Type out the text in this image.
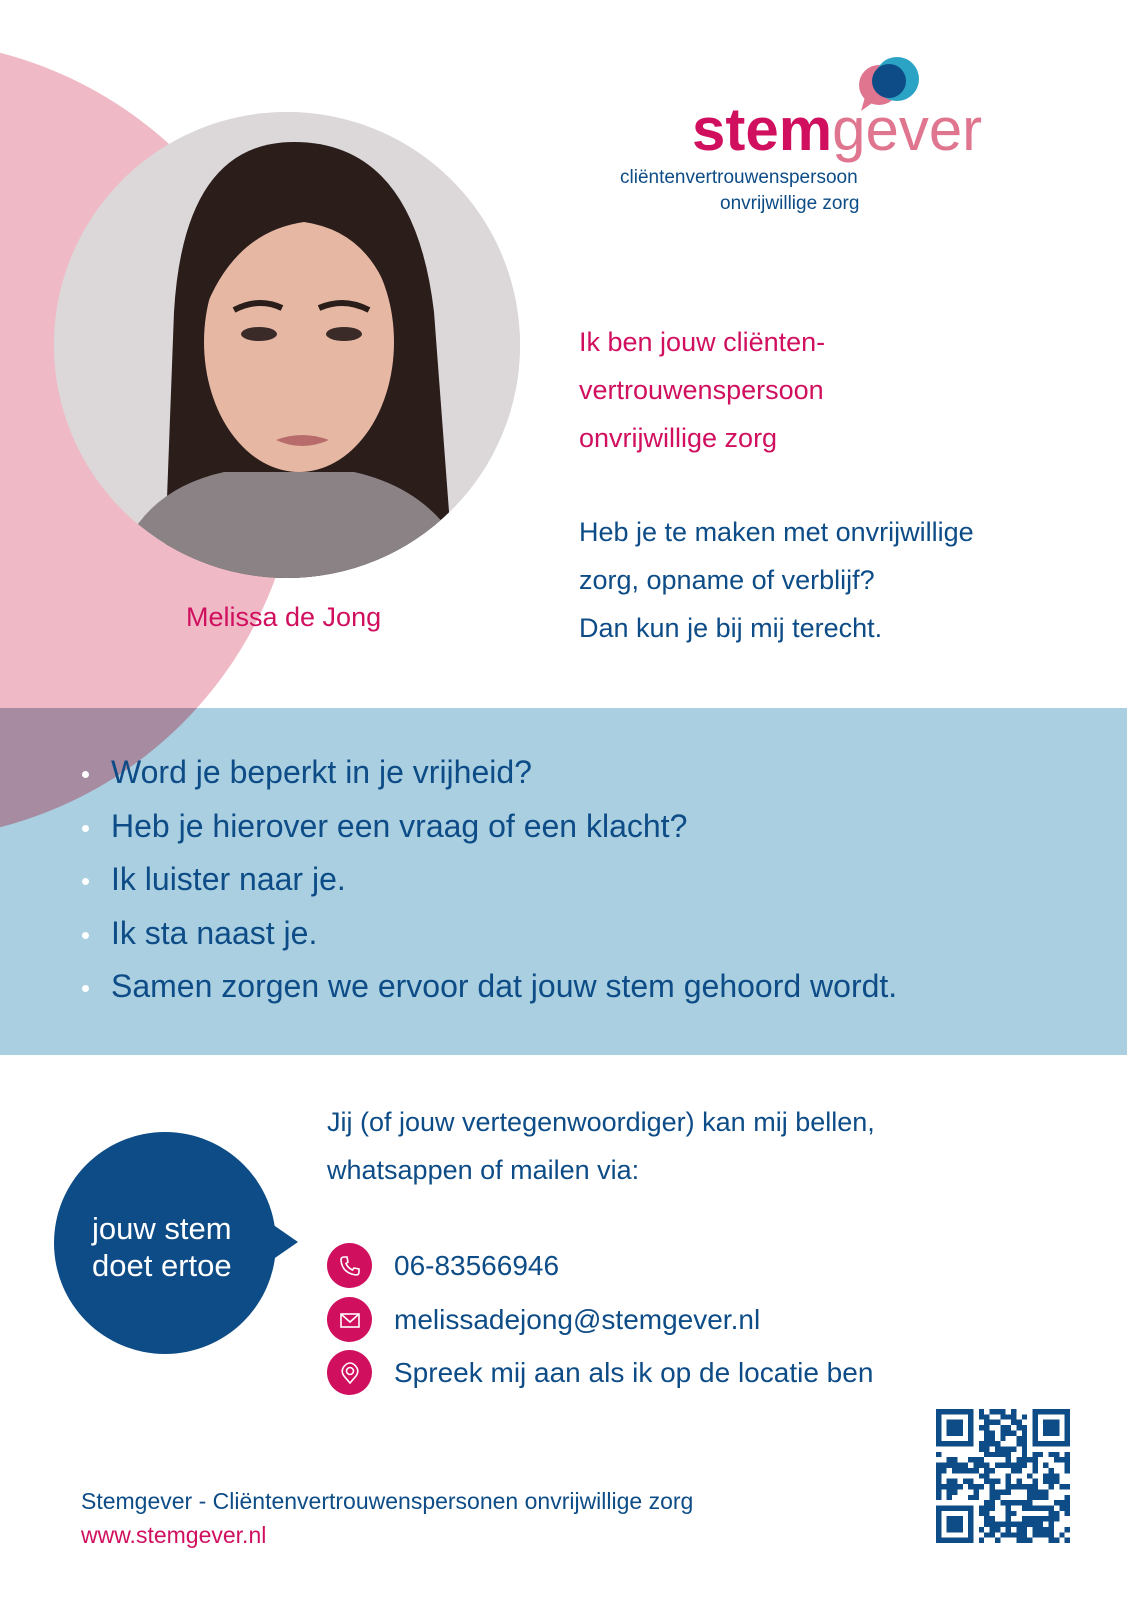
Melissa de Jong
stemgever
cliëntenvertrouwenspersoon
onvrijwillige zorg
Ik ben jouw cliënten-
vertrouwenspersoon
onvrijwillige zorg
Heb je te maken met onvrijwillige
zorg, opname of verblijf?
Dan kun je bij mij terecht.
Word je beperkt in je vrijheid?
Heb je hierover een vraag of een klacht?
Ik luister naar je.
Ik sta naast je.
Samen zorgen we ervoor dat jouw stem gehoord wordt.
jouw stem
doet ertoe
Jij (of jouw vertegenwoordiger) kan mij bellen,
whatsappen of mailen via:
06-83566946
melissadejong@stemgever.nl
Spreek mij aan als ik op de locatie ben
Stemgever - Cliëntenvertrouwenspersonen onvrijwillige zorg
www.stemgever.nl
